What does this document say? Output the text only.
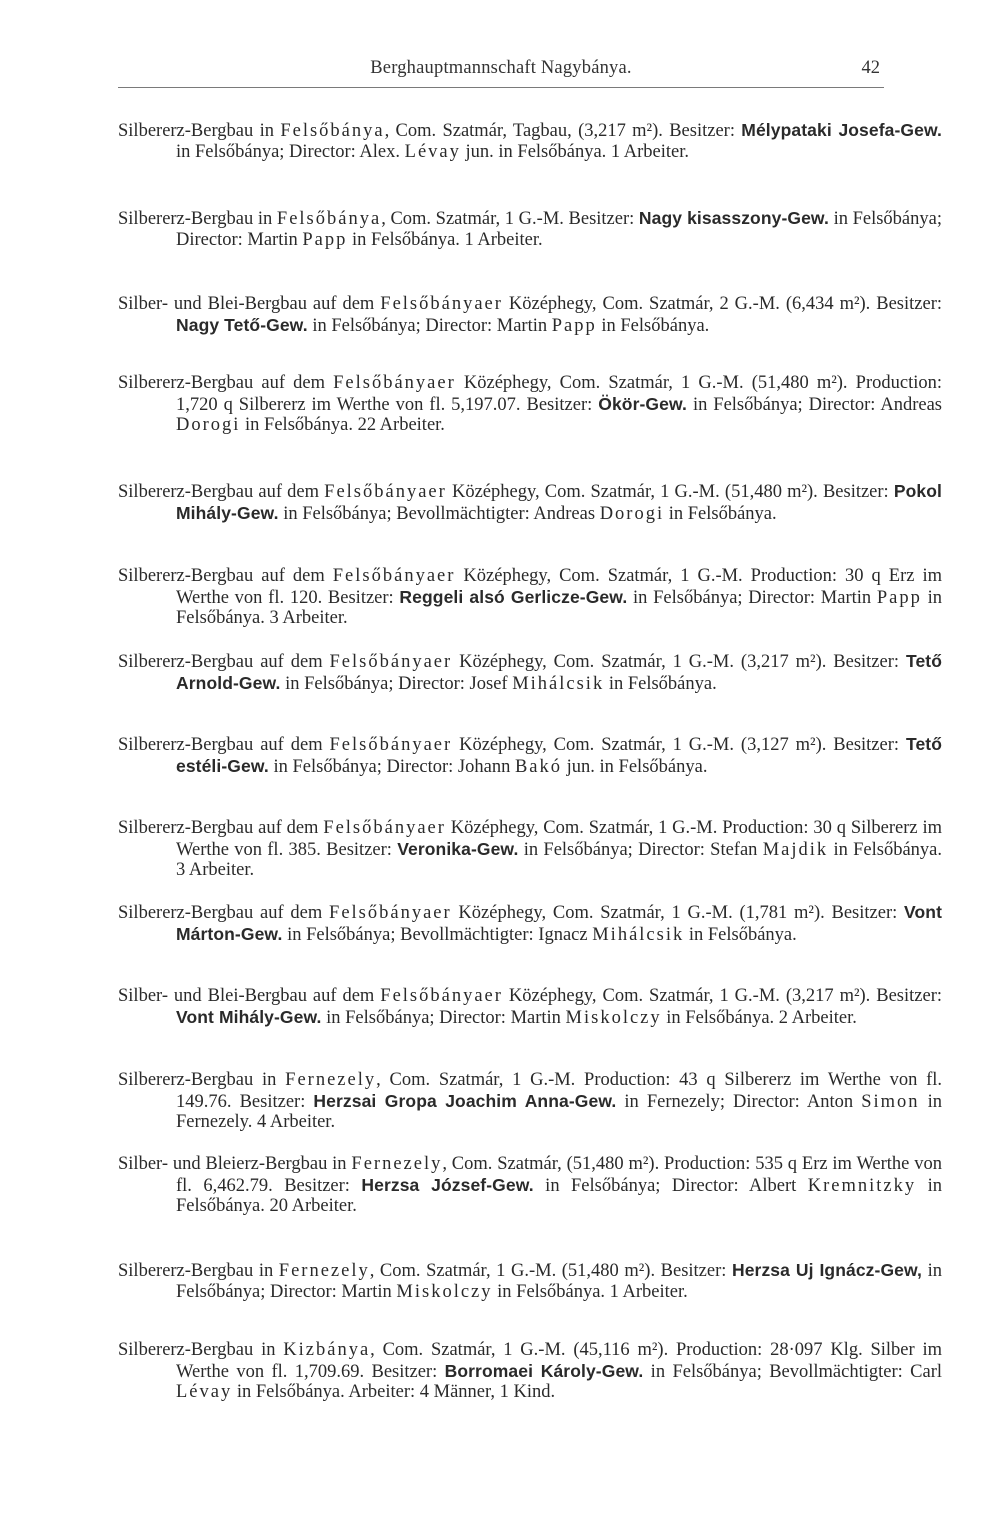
Berghauptmannschaft Nagybánya.	42

Silbererz-Bergbau in Felsőbánya, Com. Szatmár, Tagbau, (3,217 m²). Besitzer: Mélypataki Josefa-Gew. in Felsőbánya; Director: Alex. Lévay jun. in Felsőbánya. 1 Arbeiter.

Silbererz-Bergbau in Felsőbánya, Com. Szatmár, 1 G.-M. Besitzer: Nagy kisasszony-Gew. in Felsőbánya; Director: Martin Papp in Felsőbánya. 1 Arbeiter.

Silber- und Blei-Bergbau auf dem Felsőbányaer Középhegy, Com. Szatmár, 2 G.-M. (6,434 m²). Besitzer: Nagy Tető-Gew. in Felsőbánya; Director: Martin Papp in Felsőbánya.

Silbererz-Bergbau auf dem Felsőbányaer Középhegy, Com. Szatmár, 1 G.-M. (51,480 m²). Production: 1,720 q Silbererz im Werthe von fl. 5,197.07. Besitzer: Ökör-Gew. in Felsőbánya; Director: Andreas Dorogi in Felsőbánya. 22 Arbeiter.

Silbererz-Bergbau auf dem Felsőbányaer Középhegy, Com. Szatmár, 1 G.-M. (51,480 m²). Besitzer: Pokol Mihály-Gew. in Felsőbánya; Bevollmächtigter: Andreas Dorogi in Felsőbánya.

Silbererz-Bergbau auf dem Felsőbányaer Középhegy, Com. Szatmár, 1 G.-M. Production: 30 q Erz im Werthe von fl. 120. Besitzer: Reggeli alsó Gerlicze-Gew. in Felsőbánya; Director: Martin Papp in Felsőbánya. 3 Arbeiter.

Silbererz-Bergbau auf dem Felsőbányaer Középhegy, Com. Szatmár, 1 G.-M. (3,217 m²). Besitzer: Tető Arnold-Gew. in Felsőbánya; Director: Josef Mihálcsik in Felsőbánya.

Silbererz-Bergbau auf dem Felsőbányaer Középhegy, Com. Szatmár, 1 G.-M. (3,127 m²). Besitzer: Tető estéli-Gew. in Felsőbánya; Director: Johann Bakó jun. in Felsőbánya.

Silbererz-Bergbau auf dem Felsőbányaer Középhegy, Com. Szatmár, 1 G.-M. Production: 30 q Silbererz im Werthe von fl. 385. Besitzer: Veronika-Gew. in Felsőbánya; Director: Stefan Majdik in Felsőbánya. 3 Arbeiter.

Silbererz-Bergbau auf dem Felsőbányaer Középhegy, Com. Szatmár, 1 G.-M. (1,781 m²). Besitzer: Vont Márton-Gew. in Felsőbánya; Bevollmächtigter: Ignacz Mihálcsik in Felsőbánya.

Silber- und Blei-Bergbau auf dem Felsőbányaer Középhegy, Com. Szatmár, 1 G.-M. (3,217 m²). Besitzer: Vont Mihály-Gew. in Felsőbánya; Director: Martin Miskolczy in Felsőbánya. 2 Arbeiter.

Silbererz-Bergbau in Fernezely, Com. Szatmár, 1 G.-M. Production: 43 q Silbererz im Werthe von fl. 149.76. Besitzer: Herzsai Gropa Joachim Anna-Gew. in Fernezely; Director: Anton Simon in Fernezely. 4 Arbeiter.

Silber- und Bleierz-Bergbau in Fernezely, Com. Szatmár, (51,480 m²). Production: 535 q Erz im Werthe von fl. 6,462.79. Besitzer: Herzsa József-Gew. in Felsőbánya; Director: Albert Kremnitzky in Felsőbánya. 20 Arbeiter.

Silbererz-Bergbau in Fernezely, Com. Szatmár, 1 G.-M. (51,480 m²). Besitzer: Herzsa Uj Ignácz-Gew, in Felsőbánya; Director: Martin Miskolczy in Felsőbánya. 1 Arbeiter.

Silbererz-Bergbau in Kizbánya, Com. Szatmár, 1 G.-M. (45,116 m²). Production: 28·097 Klg. Silber im Werthe von fl. 1,709.69. Besitzer: Borromaei Károly-Gew. in Felsőbánya; Bevollmächtigter: Carl Lévay in Felsőbánya. Arbeiter: 4 Männer, 1 Kind.
